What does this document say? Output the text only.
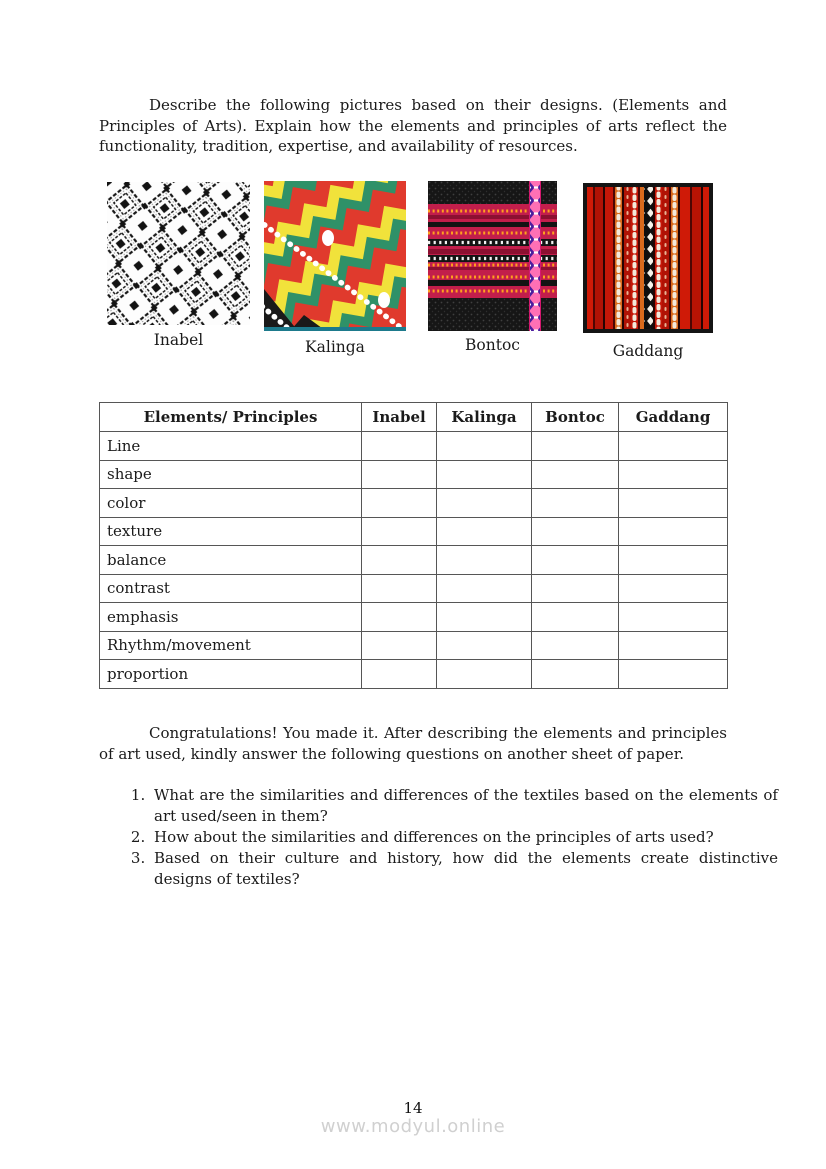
Describe the following pictures based on their designs. (Elements and Principles of Arts). Explain how the elements and principles of arts reflect the functionality, tradition, expertise, and availability of resources.

Inabel	Kalinga	Bontoc	Gaddang
Elements/ Principles	Inabel	Kalinga	Bontoc	Gaddang
Line				
shape				
color				
texture				
balance				
contrast				
emphasis				
Rhythm/movement				
proportion				

Congratulations! You made it. After describing the elements and principles of art used, kindly answer the following questions on another sheet of paper.

1. What are the similarities and differences of the textiles based on the elements of art used/seen in them?
2. How about the similarities and differences on the principles of arts used?
3. Based on their culture and history, how did the elements create distinctive designs of textiles?
14
www.modyul.online
